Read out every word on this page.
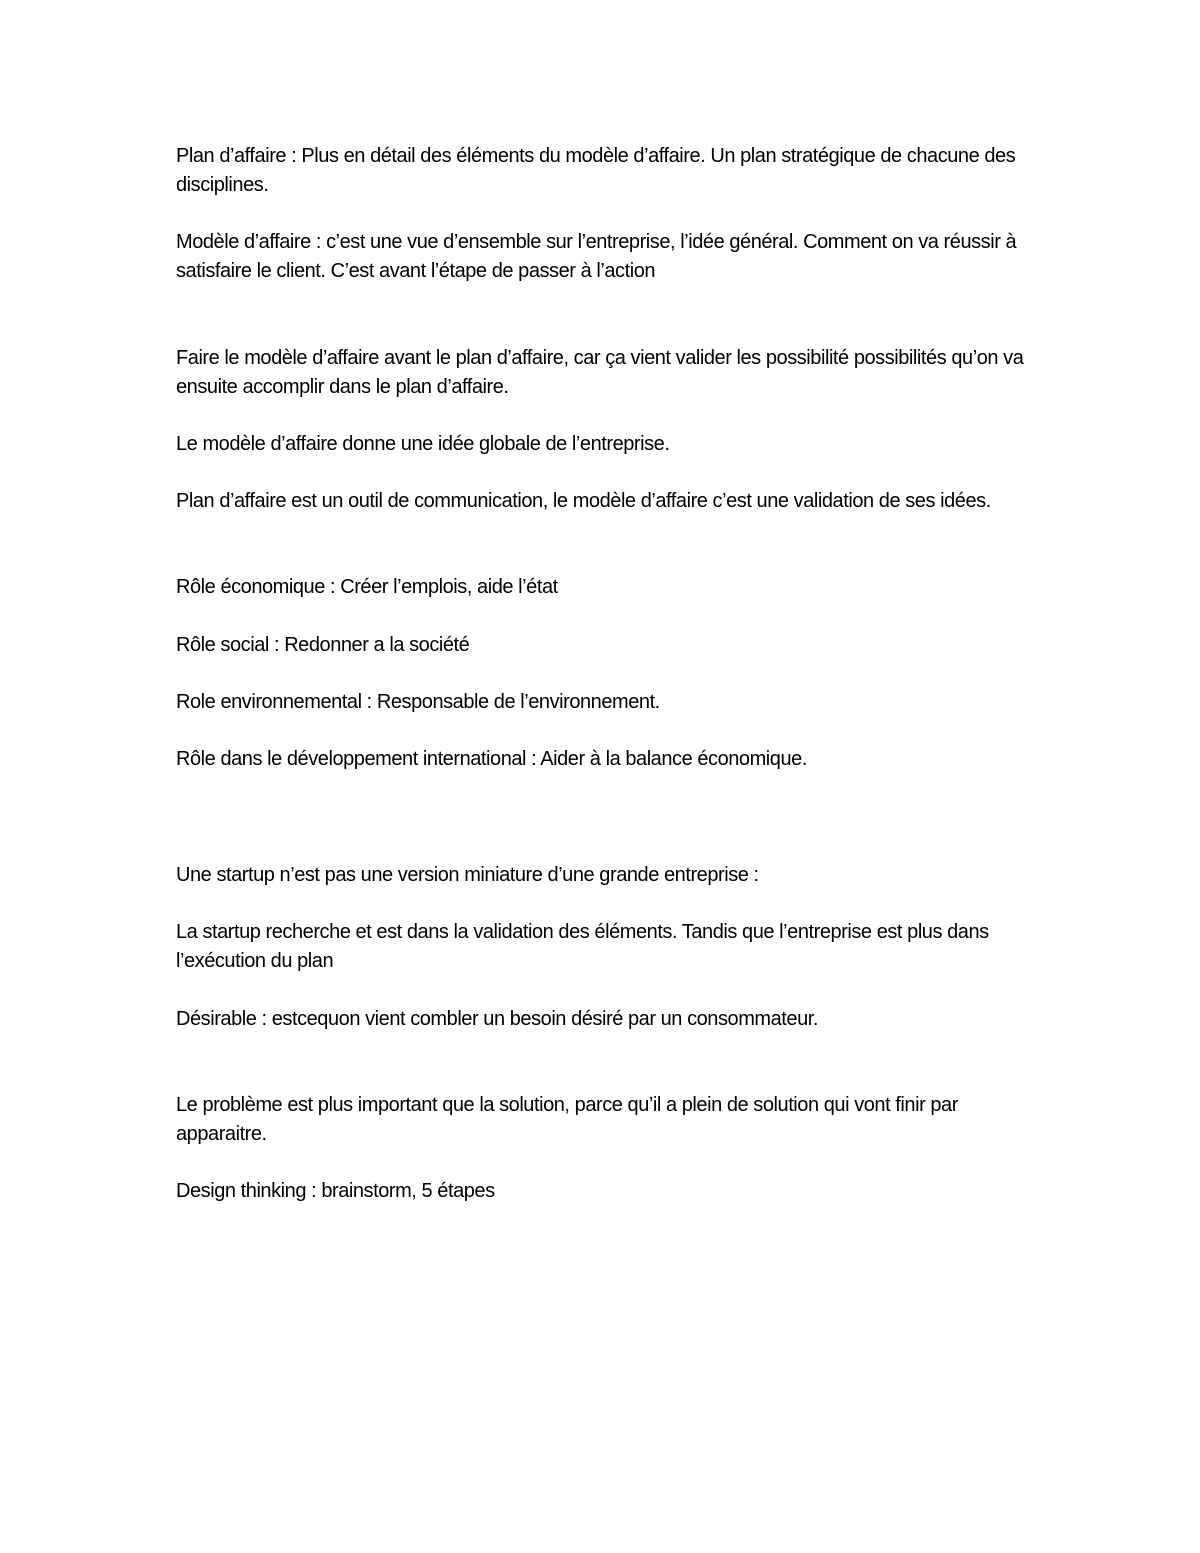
Plan d’affaire : Plus en détail des éléments du modèle d’affaire. Un plan stratégique de chacune des disciplines.

Modèle d’affaire : c’est une vue d’ensemble sur l’entreprise, l’idée général. Comment on va réussir à satisfaire le client. C’est avant l’étape de passer à l’action

Faire le modèle d’affaire avant le plan d’affaire, car ça vient valider les possibilité possibilités qu’on va ensuite accomplir dans le plan d’affaire.

Le modèle d’affaire donne une idée globale de l’entreprise.

Plan d’affaire est un outil de communication, le modèle d’affaire c’est une validation de ses idées.

Rôle économique : Créer l’emplois, aide l’état

Rôle social : Redonner a la société

Role environnemental : Responsable de l’environnement.

Rôle dans le développement international : Aider à la balance économique.

Une startup n’est pas une version miniature d’une grande entreprise :

La startup recherche et est dans la validation des éléments. Tandis que l’entreprise est plus dans l’exécution du plan

Désirable : estcequon vient combler un besoin désiré par un consommateur.

Le problème est plus important que la solution, parce qu’il a plein de solution qui vont finir par apparaitre.

Design thinking : brainstorm, 5 étapes
